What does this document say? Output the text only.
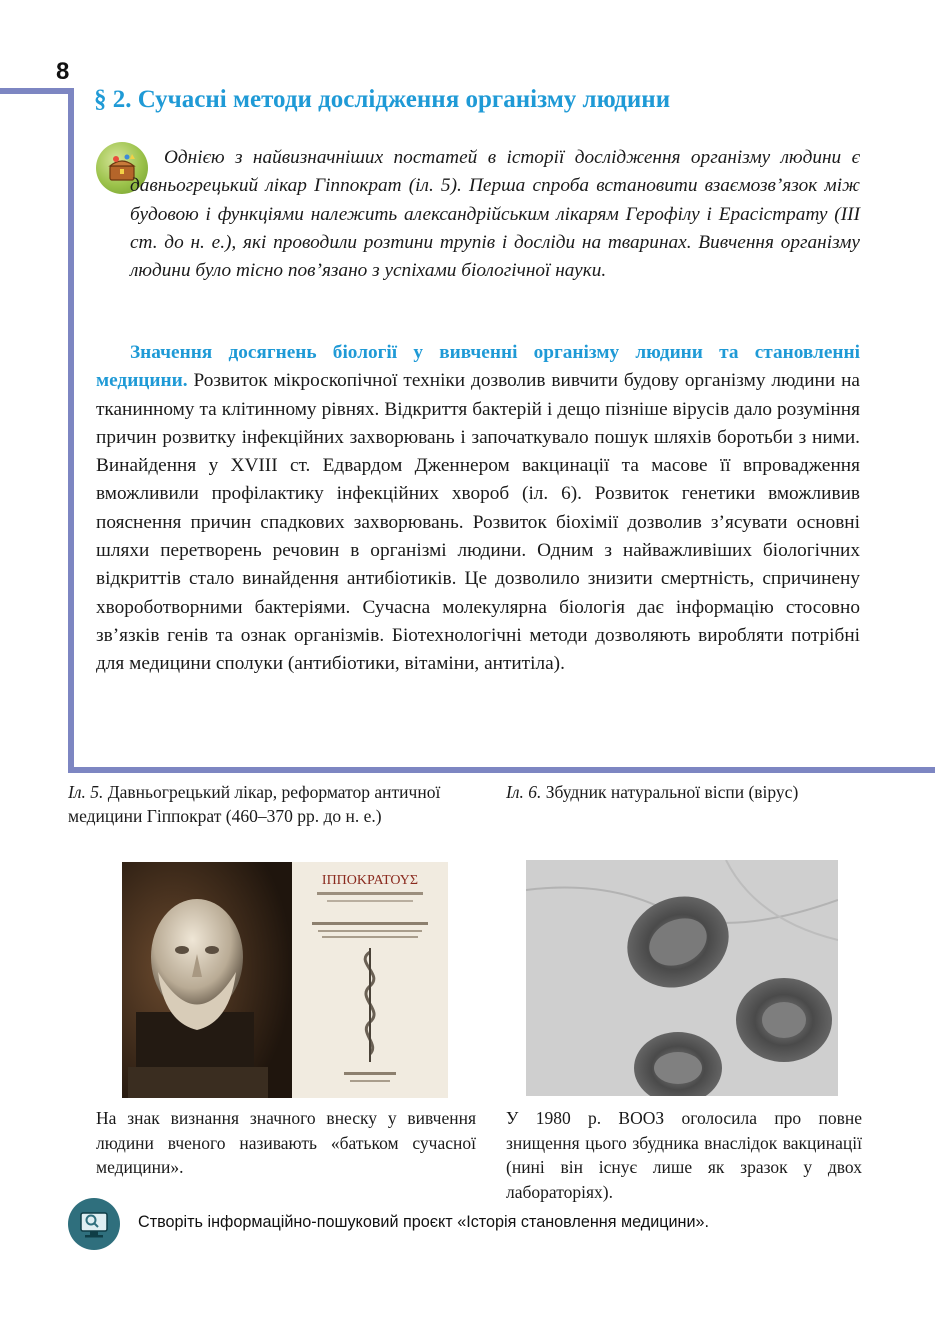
8
§ 2. Сучасні методи дослідження організму людини

Однією з найвизначніших постатей в історії дослідження організму людини є давньогрецький лікар Гіппократ (іл. 5). Перша спроба встановити взаємозв’язок між будовою і функціями належить александрійським лікарям Герофілу і Ерасістрату (ІІІ ст. до н. е.), які проводили розтини трупів і досліди на тваринах. Вивчення організму людини було тісно пов’язано з успіхами біологічної науки.

Значення досягнень біології у вивченні організму людини та становленні медицини. Розвиток мікроскопічної техніки дозволив вивчити будову організму людини на тканинному та клітинному рівнях. Відкриття бактерій і дещо пізніше вірусів дало розуміння причин розвитку інфекційних захворювань і започаткувало пошук шляхів боротьби з ними. Винайдення у XVIII ст. Едвардом Дженнером вакцинації та масове її впровадження вможливили профілактику інфекційних хвороб (іл. 6). Розвиток генетики вможливив пояснення причин спадкових захворювань. Розвиток біохімії дозволив з’ясувати основні шляхи перетворень речовин в організмі людини. Одним з найважливіших біологічних відкриттів стало винайдення антибіотиків. Це дозволило знизити смертність, спричинену хвороботворними бактеріями. Сучасна молекулярна біологія дає інформацію стосовно зв’язків генів та ознак організмів. Біотехнологічні методи дозволяють виробляти потрібні для медицини сполуки (антибіотики, вітаміни, антитіла).

Іл. 5. Давньогрецький лікар, реформатор античної медицини Гіппократ (460–370 рр. до н. е.)

Іл. 6. Збудник натуральної віспи (вірус)

ΙΠΠΟΚΡΑΤΟΥΣ

На знак визнання значного внеску у вивчення людини вченого називають «батьком сучасної медицини».

У 1980 р. ВООЗ оголосила про повне знищення цього збудника внаслідок вакцинації (нині він існує лише як зразок у двох лабораторіях).

Створіть інформаційно-пошуковий проєкт «Історія становлення медицини».
